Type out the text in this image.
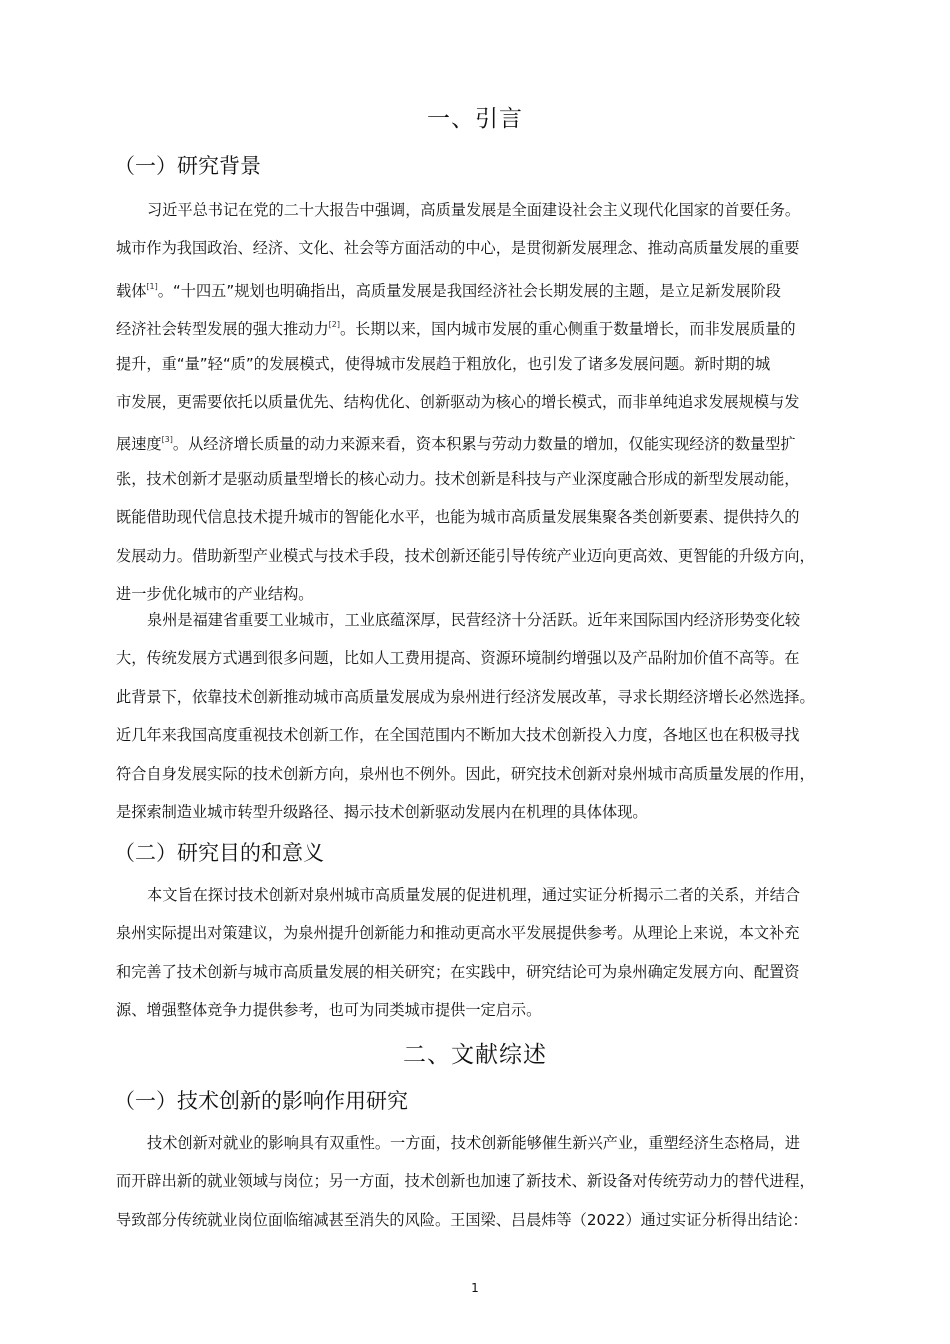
一、引言
（一）研究背景
习近平总书记在党的二十大报告中强调，高质量发展是全面建设社会主义现代化国家的首要任务。
城市作为我国政治、经济、文化、社会等方面活动的中心，是贯彻新发展理念、推动高质量发展的重要
载体[1]。“十四五”规划也明确指出，高质量发展是我国经济社会长期发展的主题，是立足新发展阶段
经济社会转型发展的强大推动力[2]。长期以来，国内城市发展的重心侧重于数量增长，而非发展质量的
提升，重“量”轻“质”的发展模式，使得城市发展趋于粗放化，也引发了诸多发展问题。新时期的城
市发展，更需要依托以质量优先、结构优化、创新驱动为核心的增长模式，而非单纯追求发展规模与发
展速度[3]。从经济增长质量的动力来源来看，资本积累与劳动力数量的增加，仅能实现经济的数量型扩
张，技术创新才是驱动质量型增长的核心动力。技术创新是科技与产业深度融合形成的新型发展动能，
既能借助现代信息技术提升城市的智能化水平，也能为城市高质量发展集聚各类创新要素、提供持久的
发展动力。借助新型产业模式与技术手段，技术创新还能引导传统产业迈向更高效、更智能的升级方向，
进一步优化城市的产业结构。
泉州是福建省重要工业城市，工业底蕴深厚，民营经济十分活跃。近年来国际国内经济形势变化较
大，传统发展方式遇到很多问题，比如人工费用提高、资源环境制约增强以及产品附加价值不高等。在
此背景下，依靠技术创新推动城市高质量发展成为泉州进行经济发展改革，寻求长期经济增长必然选择。
近几年来我国高度重视技术创新工作，在全国范围内不断加大技术创新投入力度，各地区也在积极寻找
符合自身发展实际的技术创新方向，泉州也不例外。因此，研究技术创新对泉州城市高质量发展的作用，
是探索制造业城市转型升级路径、揭示技术创新驱动发展内在机理的具体体现。
（二）研究目的和意义
本文旨在探讨技术创新对泉州城市高质量发展的促进机理，通过实证分析揭示二者的关系，并结合
泉州实际提出对策建议，为泉州提升创新能力和推动更高水平发展提供参考。从理论上来说，本文补充
和完善了技术创新与城市高质量发展的相关研究；在实践中，研究结论可为泉州确定发展方向、配置资
源、增强整体竞争力提供参考，也可为同类城市提供一定启示。
二、文献综述
（一）技术创新的影响作用研究
技术创新对就业的影响具有双重性。一方面，技术创新能够催生新兴产业，重塑经济生态格局，进
而开辟出新的就业领域与岗位；另一方面，技术创新也加速了新技术、新设备对传统劳动力的替代进程，
导致部分传统就业岗位面临缩减甚至消失的风险。王国梁、吕晨炜等（2022）通过实证分析得出结论：
1
